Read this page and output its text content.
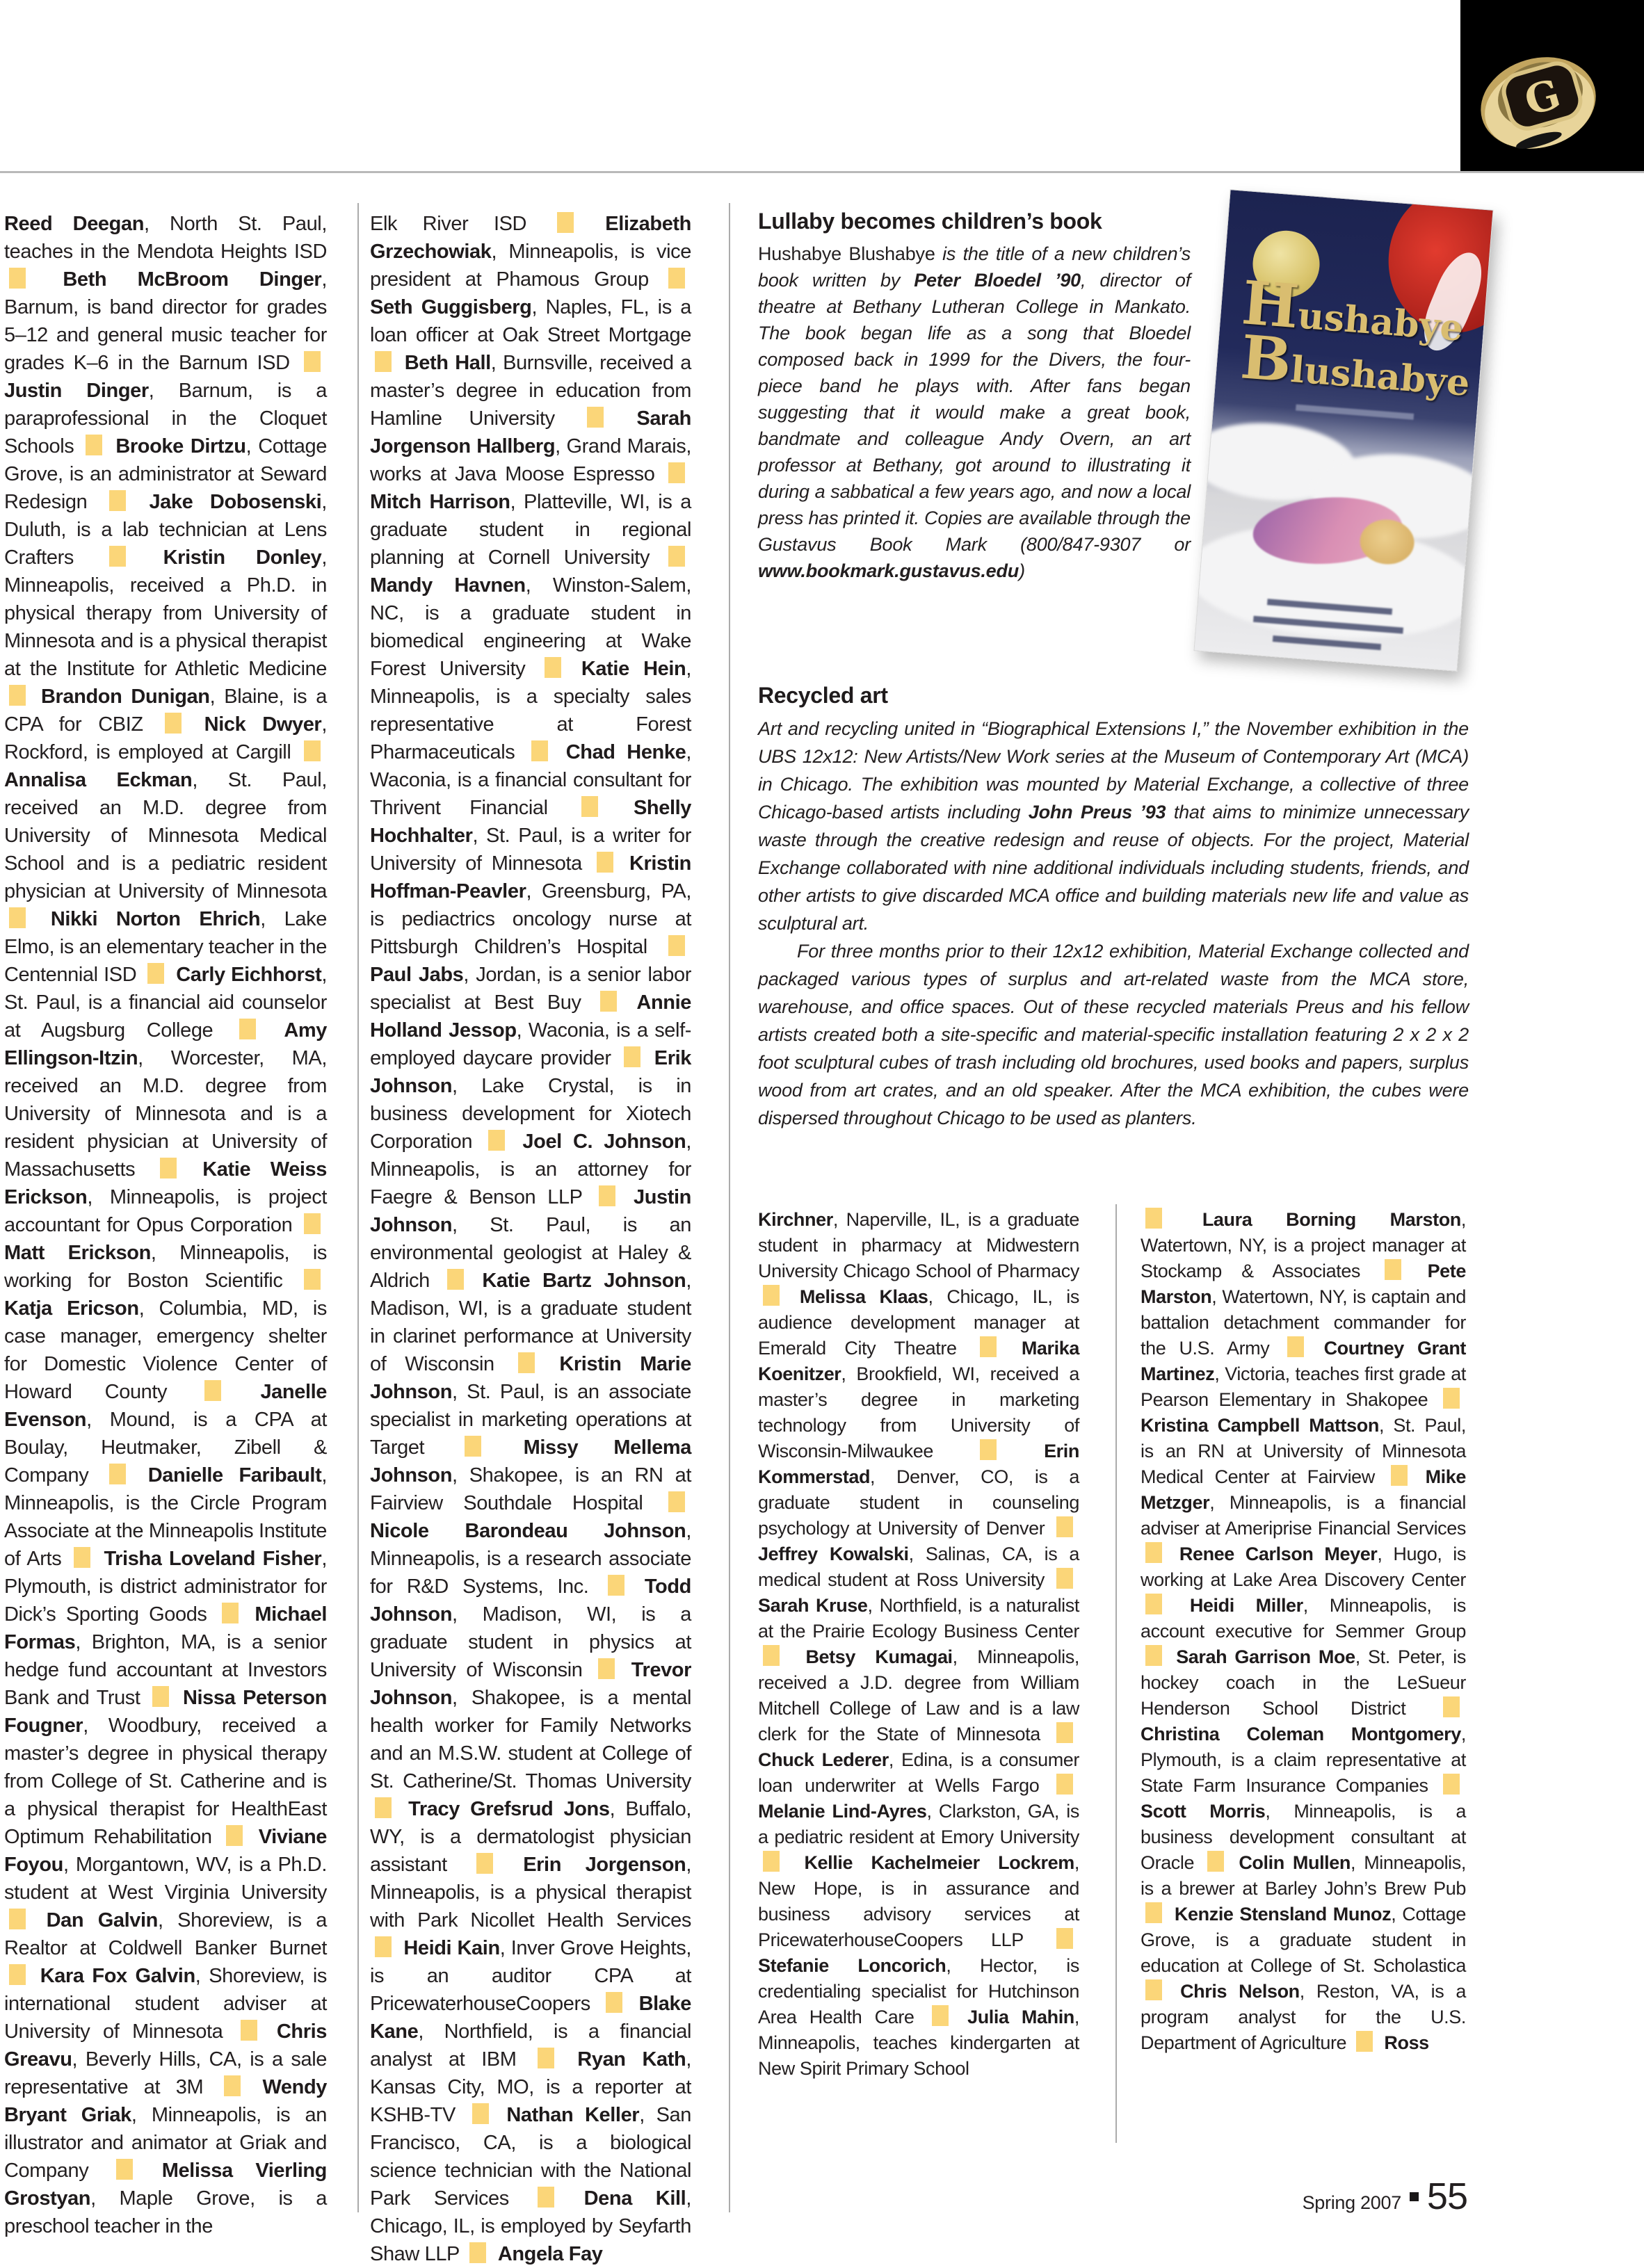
G
Reed Deegan, North St. Paul, teaches in the Mendota Heights ISD  Beth McBroom Dinger, Barnum, is band director for grades 5–12 and general music teacher for grades K–6 in the Barnum ISD  Justin Dinger, Barnum, is a paraprofessional in the Cloquet Schools  Brooke Dirtzu, Cottage Grove, is an administrator at Seward Redesign  Jake Dobosenski, Duluth, is a lab technician at Lens Crafters	Kristin Donley, Minneapolis, received a Ph.D. in physical therapy from University of Minnesota and is a physical therapist at the Institute for Athletic Medicine  Brandon Dunigan, Blaine, is a CPA for CBIZ  Nick Dwyer, Rockford, is employed at Cargill  Annalisa Eckman, St. Paul, received an M.D. degree from University of Minnesota Medical School and is a pediatric resident physician at University of Minnesota  Nikki Norton Ehrich, Lake Elmo, is an elementary teacher in the Centennial ISD  Carly Eichhorst, St. Paul, is a financial aid counselor at Augsburg College  Amy Ellingson-Itzin, Worcester, MA, received an M.D. degree from University of Minnesota and is a resident physician at University of Massachusetts  Katie Weiss Erickson, Minneapolis, is project accountant for Opus Corporation  Matt Erickson, Minneapolis, is working for Boston Scientific  Katja Ericson, Columbia, MD, is case manager, emergency shelter for Domestic Violence Center of Howard County	Janelle Evenson, Mound, is a CPA at Boulay, Heutmaker, Zibell & Company  Danielle Faribault, Minneapolis, is the Circle Program Associate at the Minneapolis Institute of Arts  Trisha Loveland Fisher, Plymouth, is district administrator for Dick’s Sporting Goods  Michael Formas, Brighton, MA, is a senior hedge fund accountant at Investors Bank and Trust  Nissa Peterson Fougner, Woodbury, received a master’s degree in physical therapy from College of St. Catherine and is a physical therapist for HealthEast Optimum Rehabilitation  Viviane Foyou, Morgantown, WV, is a Ph.D. student at West Virginia University  Dan Galvin, Shoreview, is a Realtor at Coldwell Banker Burnet  Kara Fox Galvin, Shoreview, is international student adviser at University of Minnesota  Chris Greavu, Beverly Hills, CA, is a sale representative at 3M  Wendy Bryant Griak, Minneapolis, is an illustrator and animator at Griak and Company	Melissa Vierling Grostyan, Maple Grove, is a preschool teacher in the
Elk River ISD	Elizabeth Grzechowiak, Minneapolis, is vice president at Phamous Group  Seth Guggisberg, Naples, FL, is a loan officer at Oak Street Mortgage  Beth Hall, Burnsville, received a master’s degree in education from Hamline University	Sarah Jorgenson Hallberg, Grand Marais, works at Java Moose Espresso  Mitch Harrison, Platteville, WI, is a graduate student in regional planning at Cornell University  Mandy Havnen, Winston-Salem, NC, is a graduate student in biomedical engineering at Wake Forest University  Katie Hein, Minneapolis, is a specialty sales representative at Forest Pharmaceuticals  Chad Henke, Waconia, is a financial consultant for Thrivent Financial	Shelly Hochhalter, St. Paul, is a writer for University of Minnesota  Kristin Hoffman-Peavler, Greensburg, PA, is pediactrics oncology nurse at Pittsburgh Children’s Hospital  Paul Jabs, Jordan, is a senior labor specialist at Best Buy  Annie Holland Jessop, Waconia, is a self-employed daycare provider  Erik Johnson, Lake Crystal, is in business development for Xiotech Corporation  Joel C. Johnson, Minneapolis, is an attorney for Faegre & Benson LLP  Justin Johnson, St. Paul, is an environmental geologist at Haley & Aldrich  Katie Bartz Johnson, Madison, WI, is a graduate student in clarinet performance at University of Wisconsin  Kristin Marie Johnson, St. Paul, is an associate specialist in marketing operations at Target	Missy Mellema Johnson, Shakopee, is an RN at Fairview Southdale Hospital  Nicole Barondeau Johnson, Minneapolis, is a research associate for R&D Systems, Inc.  Todd Johnson, Madison, WI, is a graduate student in physics at University of Wisconsin  Trevor Johnson, Shakopee, is a mental health worker for Family Networks and an M.S.W. student at College of St. Catherine/St. Thomas University  Tracy Grefsrud Jons, Buffalo, WY, is a dermatologist physician assistant	Erin Jorgenson, Minneapolis, is a physical therapist with Park Nicollet Health Services  Heidi Kain, Inver Grove Heights, is an auditor CPA at PricewaterhouseCoopers  Blake Kane, Northfield, is a financial analyst at IBM  Ryan Kath, Kansas City, MO, is a reporter at KSHB-TV  Nathan Keller, San Francisco, CA, is a biological science technician with the National Park Services	Dena Kill, Chicago, IL, is employed by Seyfarth Shaw LLP  Angela Fay
Kirchner, Naperville, IL, is a graduate student in pharmacy at Midwestern University Chicago School of Pharmacy  Melissa Klaas, Chicago, IL, is audience development manager at Emerald City Theatre  Marika Koenitzer, Brookfield, WI, received a master’s degree in marketing technology from University of Wisconsin-Milwaukee	Erin Kommerstad, Denver, CO, is a graduate student in counseling psychology at University of Denver  Jeffrey Kowalski, Salinas, CA, is a medical student at Ross University  Sarah Kruse, Northfield, is a naturalist at the Prairie Ecology Business Center  Betsy Kumagai, Minneapolis, received a J.D. degree from William Mitchell College of Law and is a law clerk for the State of Minnesota  Chuck Lederer, Edina, is a consumer loan underwriter at Wells Fargo  Melanie Lind-Ayres, Clarkston, GA, is a pediatric resident at Emory University  Kellie Kachelmeier Lockrem, New Hope, is in assurance and business advisory services at PricewaterhouseCoopers LLP  Stefanie Loncorich, Hector, is credentialing specialist for Hutchinson Area Health Care  Julia Mahin, Minneapolis, teaches kindergarten at New Spirit Primary School
Laura Borning Marston, Watertown, NY, is a project manager at Stockamp & Associates	Pete Marston, Watertown, NY, is captain and battalion detachment commander for the U.S. Army  Courtney Grant Martinez, Victoria, teaches first grade at Pearson Elementary in Shakopee  Kristina Campbell Mattson, St. Paul, is an RN at University of Minnesota Medical Center at Fairview  Mike Metzger, Minneapolis, is a financial adviser at Ameriprise Financial Services  Renee Carlson Meyer, Hugo, is working at Lake Area Discovery Center  Heidi Miller, Minneapolis, is account executive for Semmer Group  Sarah Garrison Moe, St. Peter, is hockey coach in the LeSueur Henderson School District  Christina Coleman Montgomery, Plymouth, is a claim representative at State Farm Insurance Companies  Scott Morris, Minneapolis, is a business development consultant at Oracle  Colin Mullen, Minneapolis, is a brewer at Barley John’s Brew Pub  Kenzie Stensland Munoz, Cottage Grove, is a graduate student in education at College of St. Scholastica  Chris Nelson, Reston, VA, is a program analyst for the U.S. Department of Agriculture  Ross
Lullaby becomes children’s book
Hushabye Blushabye is the title of a new children’s book written by Peter Bloedel ’90, director of theatre at Bethany Lutheran College in Mankato. The book began life as a song that Bloedel composed back in 1999 for the Divers, the four-piece band he plays with. After fans began suggesting that it would make a great book, bandmate and colleague Andy Overn, an art professor at Bethany, got around to illustrating it during a sabbatical a few years ago, and now a local press has printed it. Copies are available through the Gustavus Book Mark (800/847-9307 or www.bookmark.gustavus.edu)
Hushabye
Blushabye
Recycled art

Art and recycling united in “Biographical Extensions I,” the November exhibition in the UBS 12x12: New Artists/New Work series at the Museum of Contemporary Art (MCA) in Chicago. The exhibition was mounted by Material Exchange, a collective of three Chicago-based artists including John Preus ’93 that aims to minimize unnecessary waste through the creative redesign and reuse of objects. For the project, Material Exchange collaborated with nine additional individuals including students, friends, and other artists to give discarded MCA office and building materials new life and value as sculptural art.

For three months prior to their 12x12 exhibition, Material Exchange collected and packaged various types of surplus and art-related waste from the MCA store, warehouse, and office spaces. Out of these recycled materials Preus and his fellow artists created both a site-specific and material-specific installation featuring 2 x 2 x 2 foot sculptural cubes of trash including old brochures, used books and papers, surplus wood from art crates, and an old speaker. After the MCA exhibition, the cubes were dispersed throughout Chicago to be used as planters.

Spring 2007 55
